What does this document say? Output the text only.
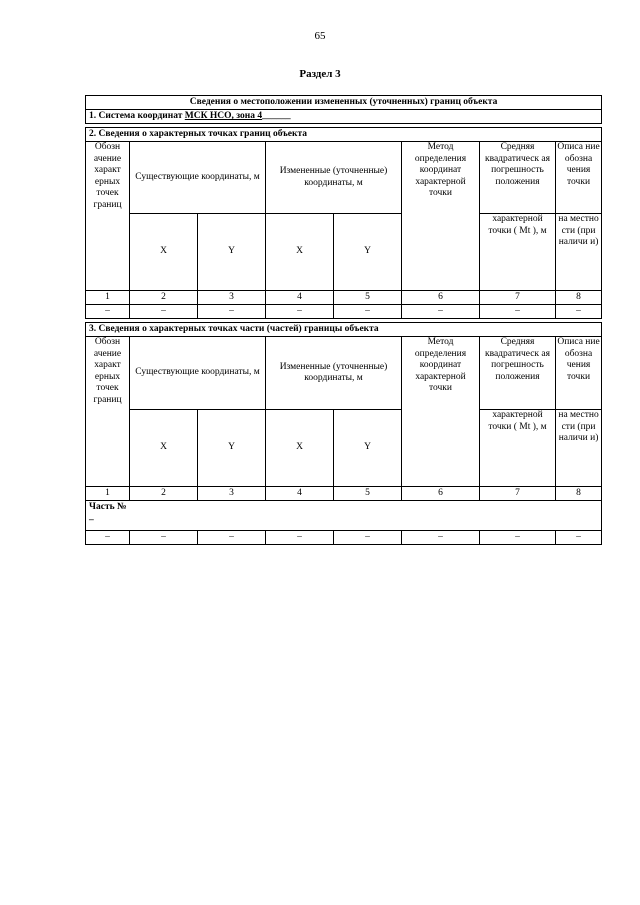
65
Раздел 3
Сведения о местоположении измененных (уточненных) границ объекта							
1. Система координат МСК НСО, зона 4______							

2. Сведения о характерных точках границ объекта							
Обозн ачение характ ерных точек границ	Существующие координаты, м		Измененные (уточненные) координаты, м		Метод определения координат характерной точки	Средняя квадратическ ая погрешность положения	Описа ние обозна чения точки
	X	Y	X	Y		характерной точки ( Mt ), м	на местно сти (при наличи и)
1	2	3	4	5	6	7	8
–	–	–	–	–	–	–	–

3. Сведения о характерных точках части (частей) границы объекта							
Обозн ачение характ ерных точек границ	Существующие координаты, м		Измененные (уточненные) координаты, м		Метод определения координат характерной точки	Средняя квадратическ ая погрешность положения	Описа ние обозна чения точки
	X	Y	X	Y		характерной точки ( Mt ), м	на местно сти (при наличи и)
1	2	3	4	5	6	7	8

Часть № –							

–	–	–	–	–	–	–	–
